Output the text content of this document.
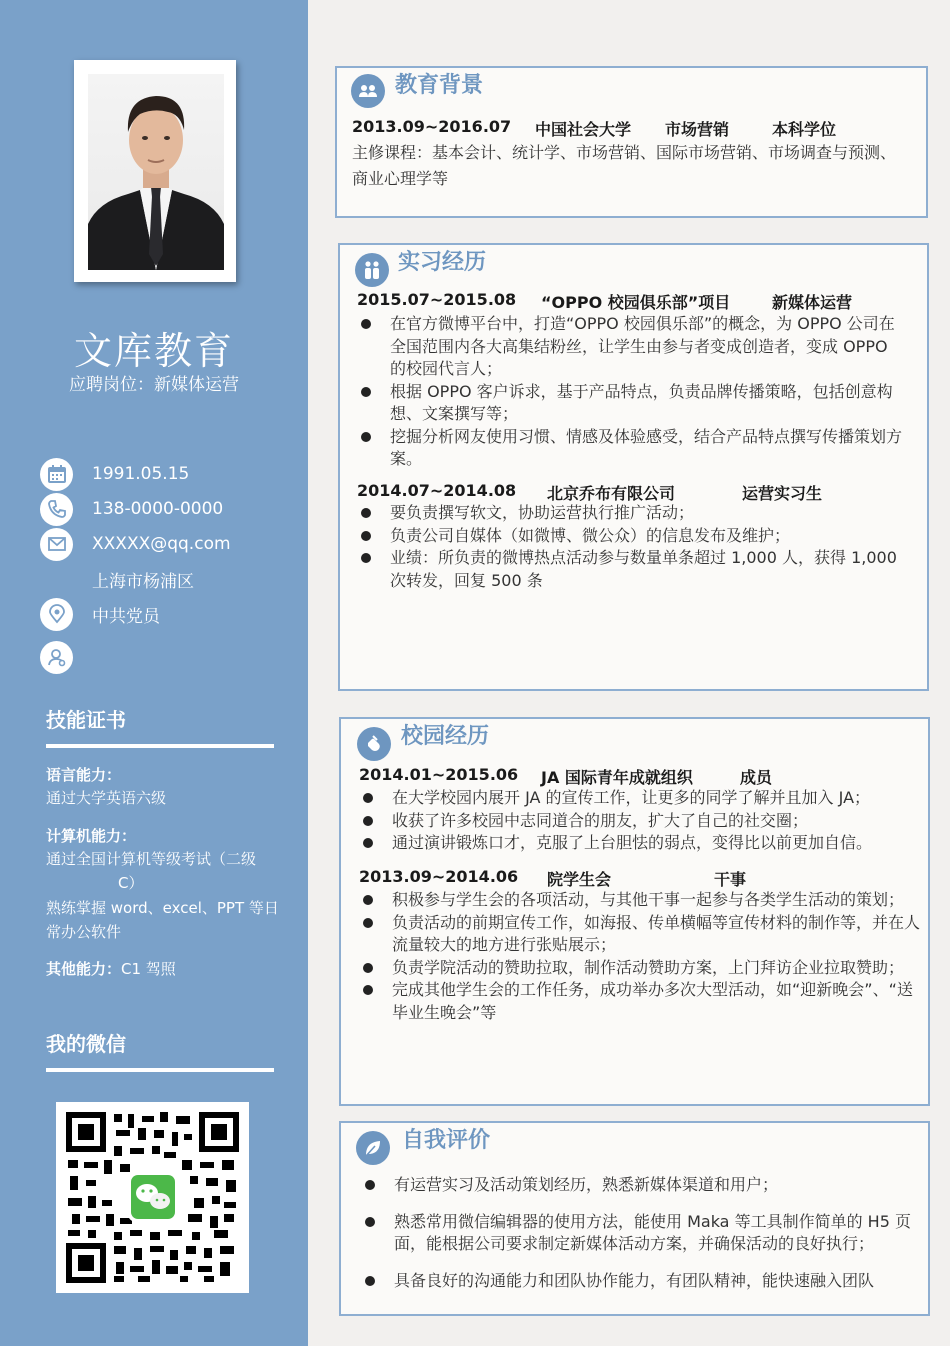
文库教育
应聘岗位：新媒体运营
1991.05.15
138-0000-0000
XXXXX@qq.com
上海市杨浦区
中共党员
技能证书
语言能力：
通过大学英语六级
计算机能力：
通过全国计算机等级考试（二级
C）
熟练掌握 word、excel、PPT 等日
常办公软件
其他能力：C1 驾照
我的微信
教育背景
2013.09~2016.07 中国社会大学 市场营销	本科学位
主修课程：基本会计、统计学、市场营销、国际市场营销、市场调查与预测、
商业心理学等
实习经历
2015.07~2015.08 “OPPO 校园俱乐部”项目	新媒体运营
在官方微博平台中，打造“OPPO 校园俱乐部”的概念，为 OPPO 公司在全国范围内各大高集结粉丝，让学生由参与者变成创造者，变成 OPPO 的校园代言人；
根据 OPPO 客户诉求，基于产品特点，负责品牌传播策略，包括创意构想、文案撰写等；
挖掘分析网友使用习惯、情感及体验感受，结合产品特点撰写传播策划方案。
2014.07~2014.08 北京乔布有限公司	运营实习生
要负责撰写软文，协助运营执行推广活动；
负责公司自媒体（如微博、微公众）的信息发布及维护；
业绩：所负责的微博热点活动参与数量单条超过 1,000 人，获得 1,000 次转发，回复 500 条
校园经历
2014.01~2015.06 JA 国际青年成就组织	成员
在大学校园内展开 JA 的宣传工作，让更多的同学了解并且加入 JA；
收获了许多校园中志同道合的朋友，扩大了自己的社交圈；
通过演讲锻炼口才，克服了上台胆怯的弱点，变得比以前更加自信。
2013.09~2014.06 院学生会	干事
积极参与学生会的各项活动，与其他干事一起参与各类学生活动的策划；
负责活动的前期宣传工作，如海报、传单横幅等宣传材料的制作等，并在人流量较大的地方进行张贴展示；
负责学院活动的赞助拉取，制作活动赞助方案，上门拜访企业拉取赞助；
完成其他学生会的工作任务，成功举办多次大型活动，如“迎新晚会”、“送毕业生晚会”等
自我评价
有运营实习及活动策划经历，熟悉新媒体渠道和用户；
熟悉常用微信编辑器的使用方法，能使用 Maka 等工具制作简单的 H5 页面，能根据公司要求制定新媒体活动方案，并确保活动的良好执行；
具备良好的沟通能力和团队协作能力，有团队精神，能快速融入团队
